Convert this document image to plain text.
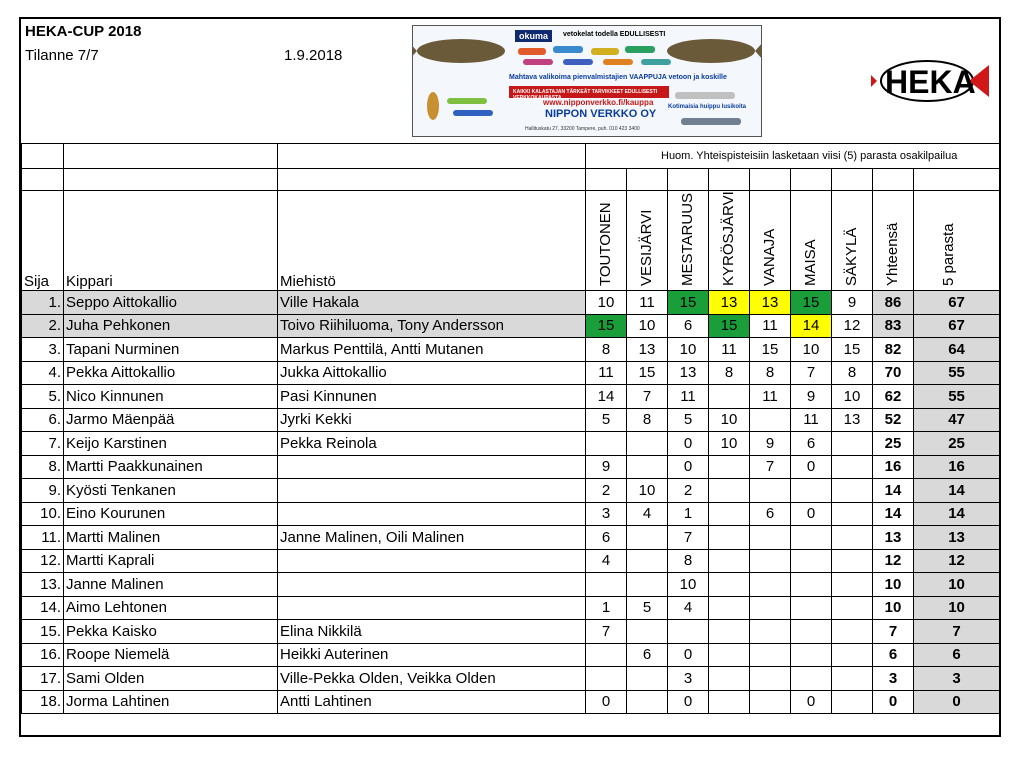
HEKA-CUP 2018
Tilanne 7/7	1.9.2018
okuma	vetokelat todella EDULLISESTI
Mahtava valikoima pienvalmistajien VAAPPUJA vetoon ja koskille
KAIKKI KALASTAJAN TÄRKEÄT TARVIKKEET EDULLISESTI VERKKOKAUPASTA
www.nipponverkko.fi/kauppa
NIPPON VERKKO OY
Kotimaisia huippu lusikoita
Hallituskatu 27, 33200 Tampere, puh. 010 423 3400
HEKA
Huom. Yhteispisteisiin lasketaan viisi (5) parasta osakilpailua

Sija	Kippari	Miehistö	TOUTONEN	VESIJÄRVI	MESTARUUS	KYRÖSJÄRVI	VANAJA	MAISA	SÄKYLÄ	Yhteensä	5 parasta

1.	Seppo Aittokallio	Ville Hakala	10	11	15	13	13	15	9	86	67
2.	Juha Pehkonen	Toivo Riihiluoma, Tony Andersson	15	10	6	15	11	14	12	83	67
3.	Tapani Nurminen	Markus Penttilä, Antti Mutanen	8	13	10	11	15	10	15	82	64
4.	Pekka Aittokallio	Jukka Aittokallio	11	15	13	8	8	7	8	70	55
5.	Nico Kinnunen	Pasi Kinnunen	14	7	11		11	9	10	62	55
6.	Jarmo Mäenpää	Jyrki Kekki	5	8	5	10		11	13	52	47
7.	Keijo Karstinen	Pekka Reinola			0	10	9	6		25	25
8.	Martti Paakkunainen		9		0		7	0		16	16
9.	Kyösti Tenkanen		2	10	2					14	14
10.	Eino Kourunen		3	4	1		6	0		14	14
11.	Martti Malinen	Janne Malinen, Oili Malinen	6		7					13	13
12.	Martti Kaprali		4		8					12	12
13.	Janne Malinen				10					10	10
14.	Aimo Lehtonen		1	5	4					10	10
15.	Pekka Kaisko	Elina Nikkilä	7							7	7
16.	Roope Niemelä	Heikki Auterinen		6	0					6	6
17.	Sami Olden	Ville-Pekka Olden, Veikka Olden			3					3	3
18.	Jorma Lahtinen	Antti Lahtinen	0		0			0		0	0
